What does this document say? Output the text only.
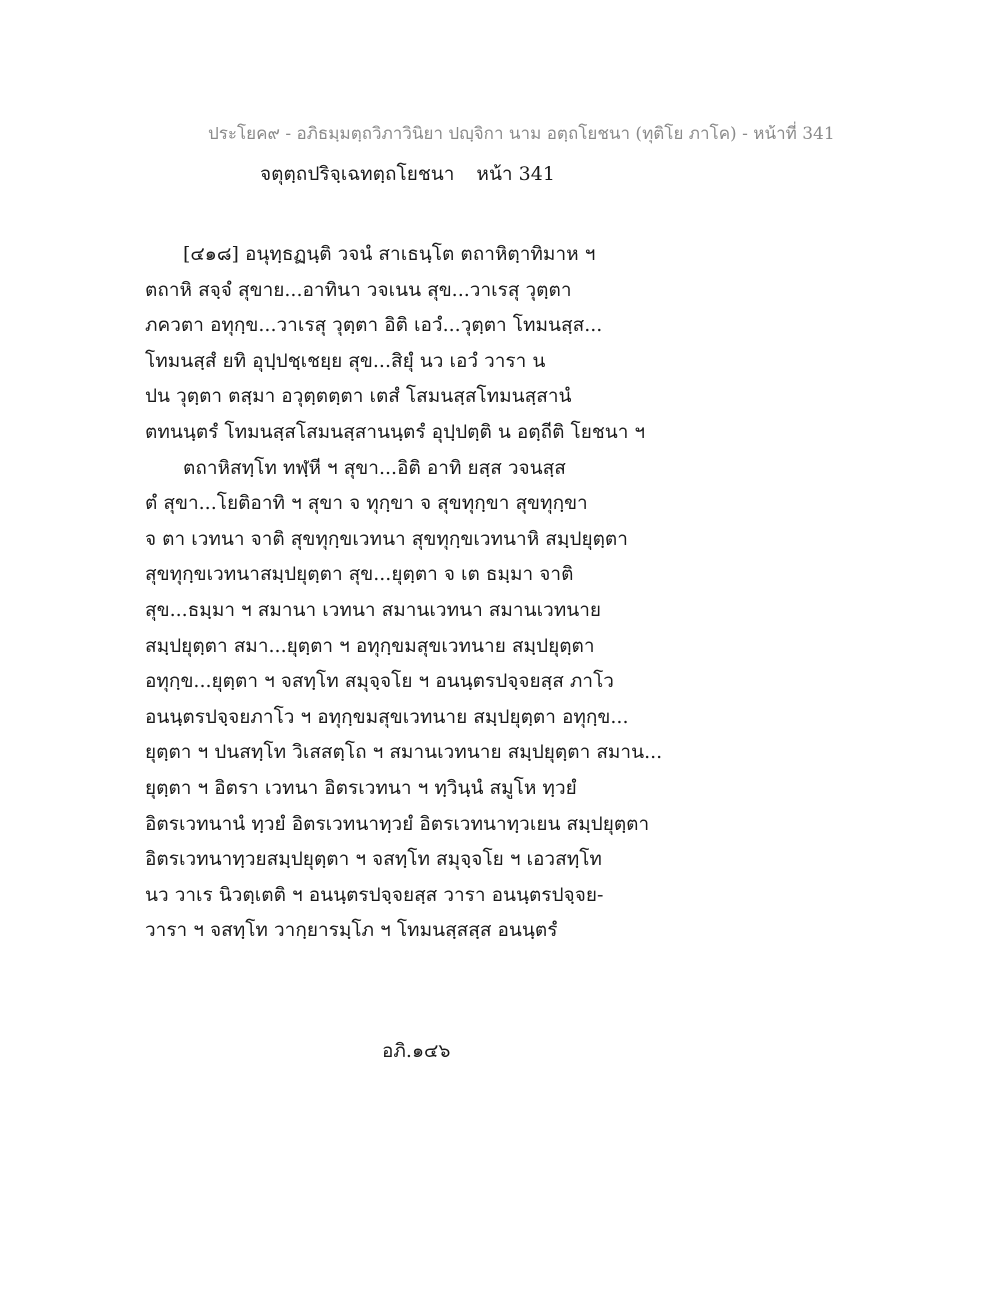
ประโยค๙ - อภิธมฺมตฺถวิภาวินิยา ปญฺจิกา นาม อตฺถโยชนา (ทุติโย ภาโค) - หน้าที่ 341
จตุตฺถปริจฺเฉทตฺถโยชนา หน้า 341
[๔๑๘] อนุทฺธฏนฺติ วจนํ สาเธนฺโต ตถาหิตฺาทิมาห ฯ
ตถาหิ สจฺจํ สุขาย...อาทินา วจเนน สุข...วาเรสุ วุตฺตา
ภควตา อทุกฺข...วาเรสุ วุตฺตา อิติ เอวํ...วุตฺตา โทมนสฺส...
โทมนสฺสํ ยทิ อุปฺปชฺเชยฺย สุข...สิยุํ นว เอวํ วารา น
ปน วุตฺตา ตสฺมา อวุตฺตตฺตา เตสํ โสมนสฺสโทมนสฺสานํ
ตทนนฺตรํ โทมนสฺสโสมนสฺสานนฺตรํ อุปฺปตฺติ น อตฺถีติ โยชนา ฯ
ตถาหิสทฺโท ทฬฺหี ฯ สุขา...อิติ อาทิ ยสฺส วจนสฺส
ตํ สุขา...โยติอาทิ ฯ สุขา จ ทุกฺขา จ สุขทุกฺขา สุขทุกฺขา
จ ตา เวทนา จาติ สุขทุกฺขเวทนา สุขทุกฺขเวทนาหิ สมฺปยุตฺตา
สุขทุกฺขเวทนาสมฺปยุตฺตา สุข...ยุตฺตา จ เต ธมฺมา จาติ
สุข...ธมฺมา ฯ สมานา เวทนา สมานเวทนา สมานเวทนาย
สมฺปยุตฺตา สมา...ยุตฺตา ฯ อทุกฺขมสุขเวทนาย สมฺปยุตฺตา
อทุกฺข...ยุตฺตา ฯ จสทฺโท สมุจฺจโย ฯ อนนฺตรปจฺจยสฺส ภาโว
อนนฺตรปจฺจยภาโว ฯ อทุกฺขมสุขเวทนาย สมฺปยุตฺตา อทุกฺข...
ยุตฺตา ฯ ปนสทฺโท วิเสสตฺโถ ฯ สมานเวทนาย สมฺปยุตฺตา สมาน...
ยุตฺตา ฯ อิตรา เวทนา อิตรเวทนา ฯ ทฺวินฺนํ สมูโห ทฺวยํ
อิตรเวทนานํ ทฺวยํ อิตรเวทนาทฺวยํ อิตรเวทนาทฺวเยน สมฺปยุตฺตา
อิตรเวทนาทฺวยสมฺปยุตฺตา ฯ จสทฺโท สมุจฺจโย ฯ เอวสทฺโท
นว วาเร นิวตฺเตติ ฯ อนนฺตรปจฺจยสฺส วารา อนนฺตรปจฺจย-
วารา ฯ จสทฺโท วากฺยารมฺโภ ฯ โทมนสฺสสฺส อนนฺตรํ
อภิ.๑๔๖
